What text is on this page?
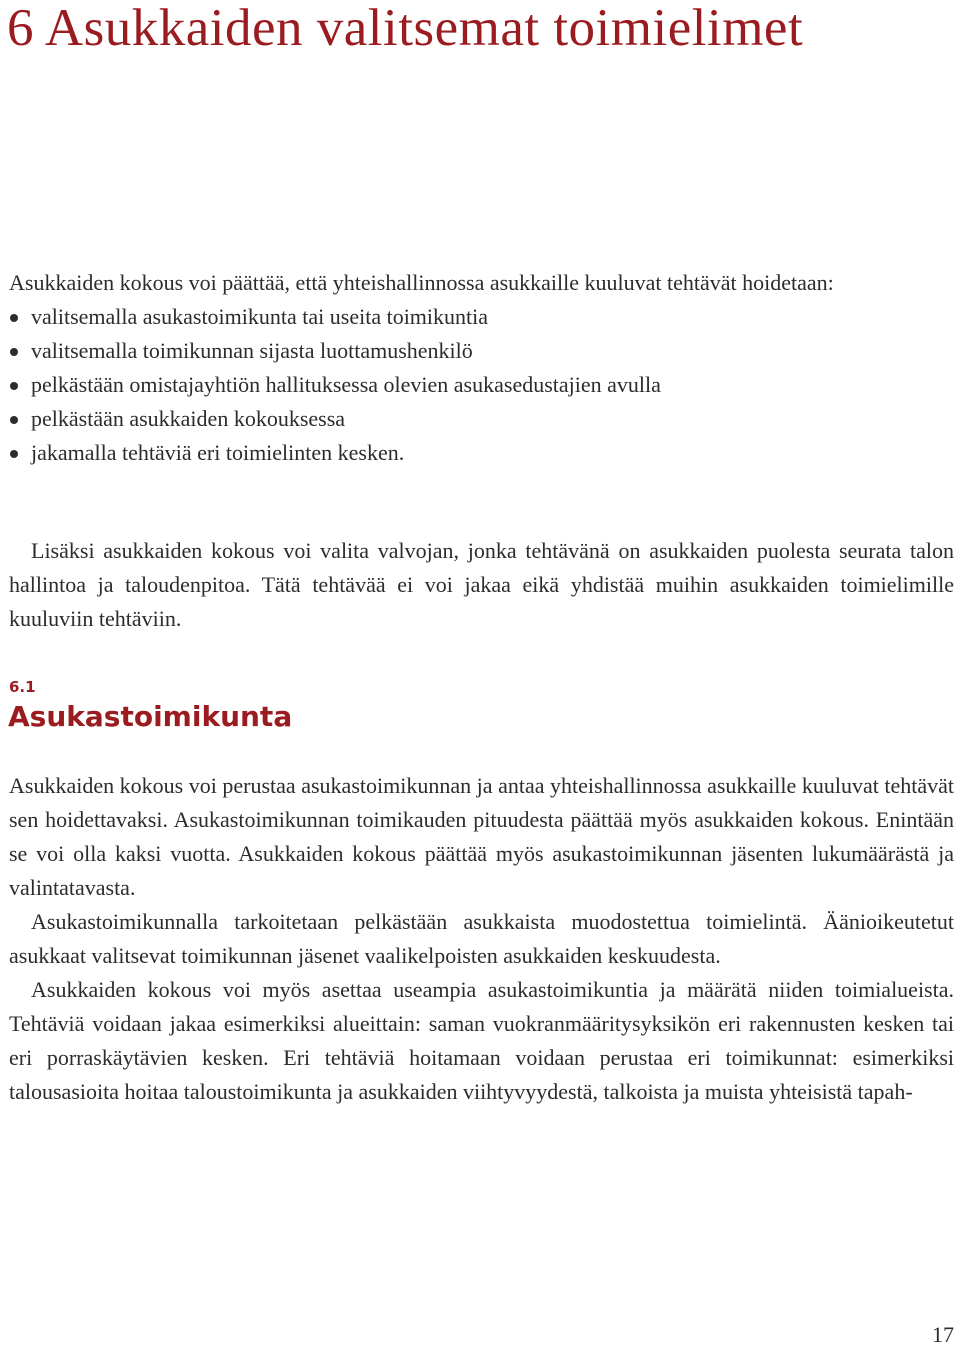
6 Asukkaiden valitsemat toimielimet

Asukkaiden kokous voi päättää, että yhteishallinnossa asukkaille kuuluvat tehtävät hoidetaan:

valitsemalla asukastoimikunta tai useita toimikuntia
valitsemalla toimikunnan sijasta luottamushenkilö
pelkästään omistajayhtiön hallituksessa olevien asukasedustajien avulla
pelkästään asukkaiden kokouksessa
jakamalla tehtäviä eri toimielinten kesken.

Lisäksi asukkaiden kokous voi valita valvojan, jonka tehtävänä on asukkaiden puolesta seurata talon hallintoa ja taloudenpitoa. Tätä tehtävää ei voi jakaa eikä yhdistää muihin asukkaiden toimielimille kuuluviin tehtäviin.

6.1

Asukastoimikunta

Asukkaiden kokous voi perustaa asukastoimikunnan ja antaa yhteishallinnossa asukkaille kuuluvat tehtävät sen hoidettavaksi. Asukastoimikunnan toimikauden pituudesta päättää myös asukkaiden kokous. Enintään se voi olla kaksi vuotta. Asukkaiden kokous päättää myös asukastoimikunnan jäsenten lukumäärästä ja valintatavasta.

Asukastoimikunnalla tarkoitetaan pelkästään asukkaista muodostettua toimielintä. Äänioikeutetut asukkaat valitsevat toimikunnan jäsenet vaalikelpoisten asukkaiden keskuudesta.

Asukkaiden kokous voi myös asettaa useampia asukastoimikuntia ja määrätä niiden toimialueista. Tehtäviä voidaan jakaa esimerkiksi alueittain: saman vuokranmääritysyksikön eri rakennusten kesken tai eri porraskäytävien kesken. Eri tehtäviä hoitamaan voidaan perustaa eri toimikunnat: esimerkiksi talousasioita hoitaa taloustoimikunta ja asukkaiden viihtyvyydestä, talkoista ja muista yhteisistä tapah-

17
